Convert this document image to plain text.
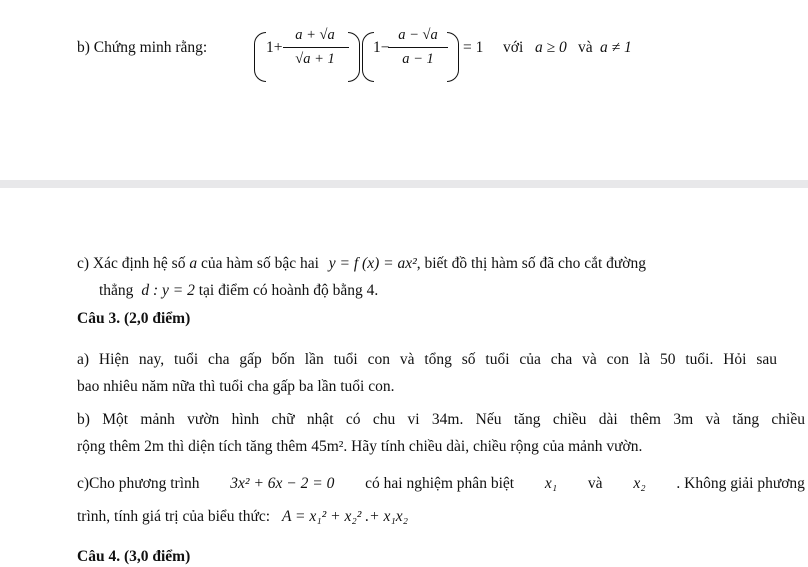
b) Chứng minh rằng:	1+
a + √a
√a + 1
1−
a − √a
a − 1
= 1 với a ≥ 0 và a ≠ 1
c) Xác định hệ số a của hàm số bậc hai y = f (x) = ax², biết đồ thị hàm số đã cho cắt đường
thẳng d : y = 2 tại điểm có hoành độ bằng 4.
Câu 3. (2,0 điểm)
a) Hiện nay, tuổi cha gấp bốn lần tuổi con và tổng số tuổi của cha và con là 50 tuổi. Hỏi sau
bao nhiêu năm nữa thì tuổi cha gấp ba lần tuổi con.
b) Một mảnh vườn hình chữ nhật có chu vi 34m. Nếu tăng chiều dài thêm 3m và tăng chiều
rộng thêm 2m thì diện tích tăng thêm 45m². Hãy tính chiều dài, chiều rộng của mảnh vườn.
c)Cho phương trình 3x² + 6x − 2 = 0 có hai nghiệm phân biệt x₁ và x₂ . Không giải phương
trình, tính giá trị của biểu thức: A = x₁² + x₂² .+ x₁x₂
Câu 4. (3,0 điểm)
